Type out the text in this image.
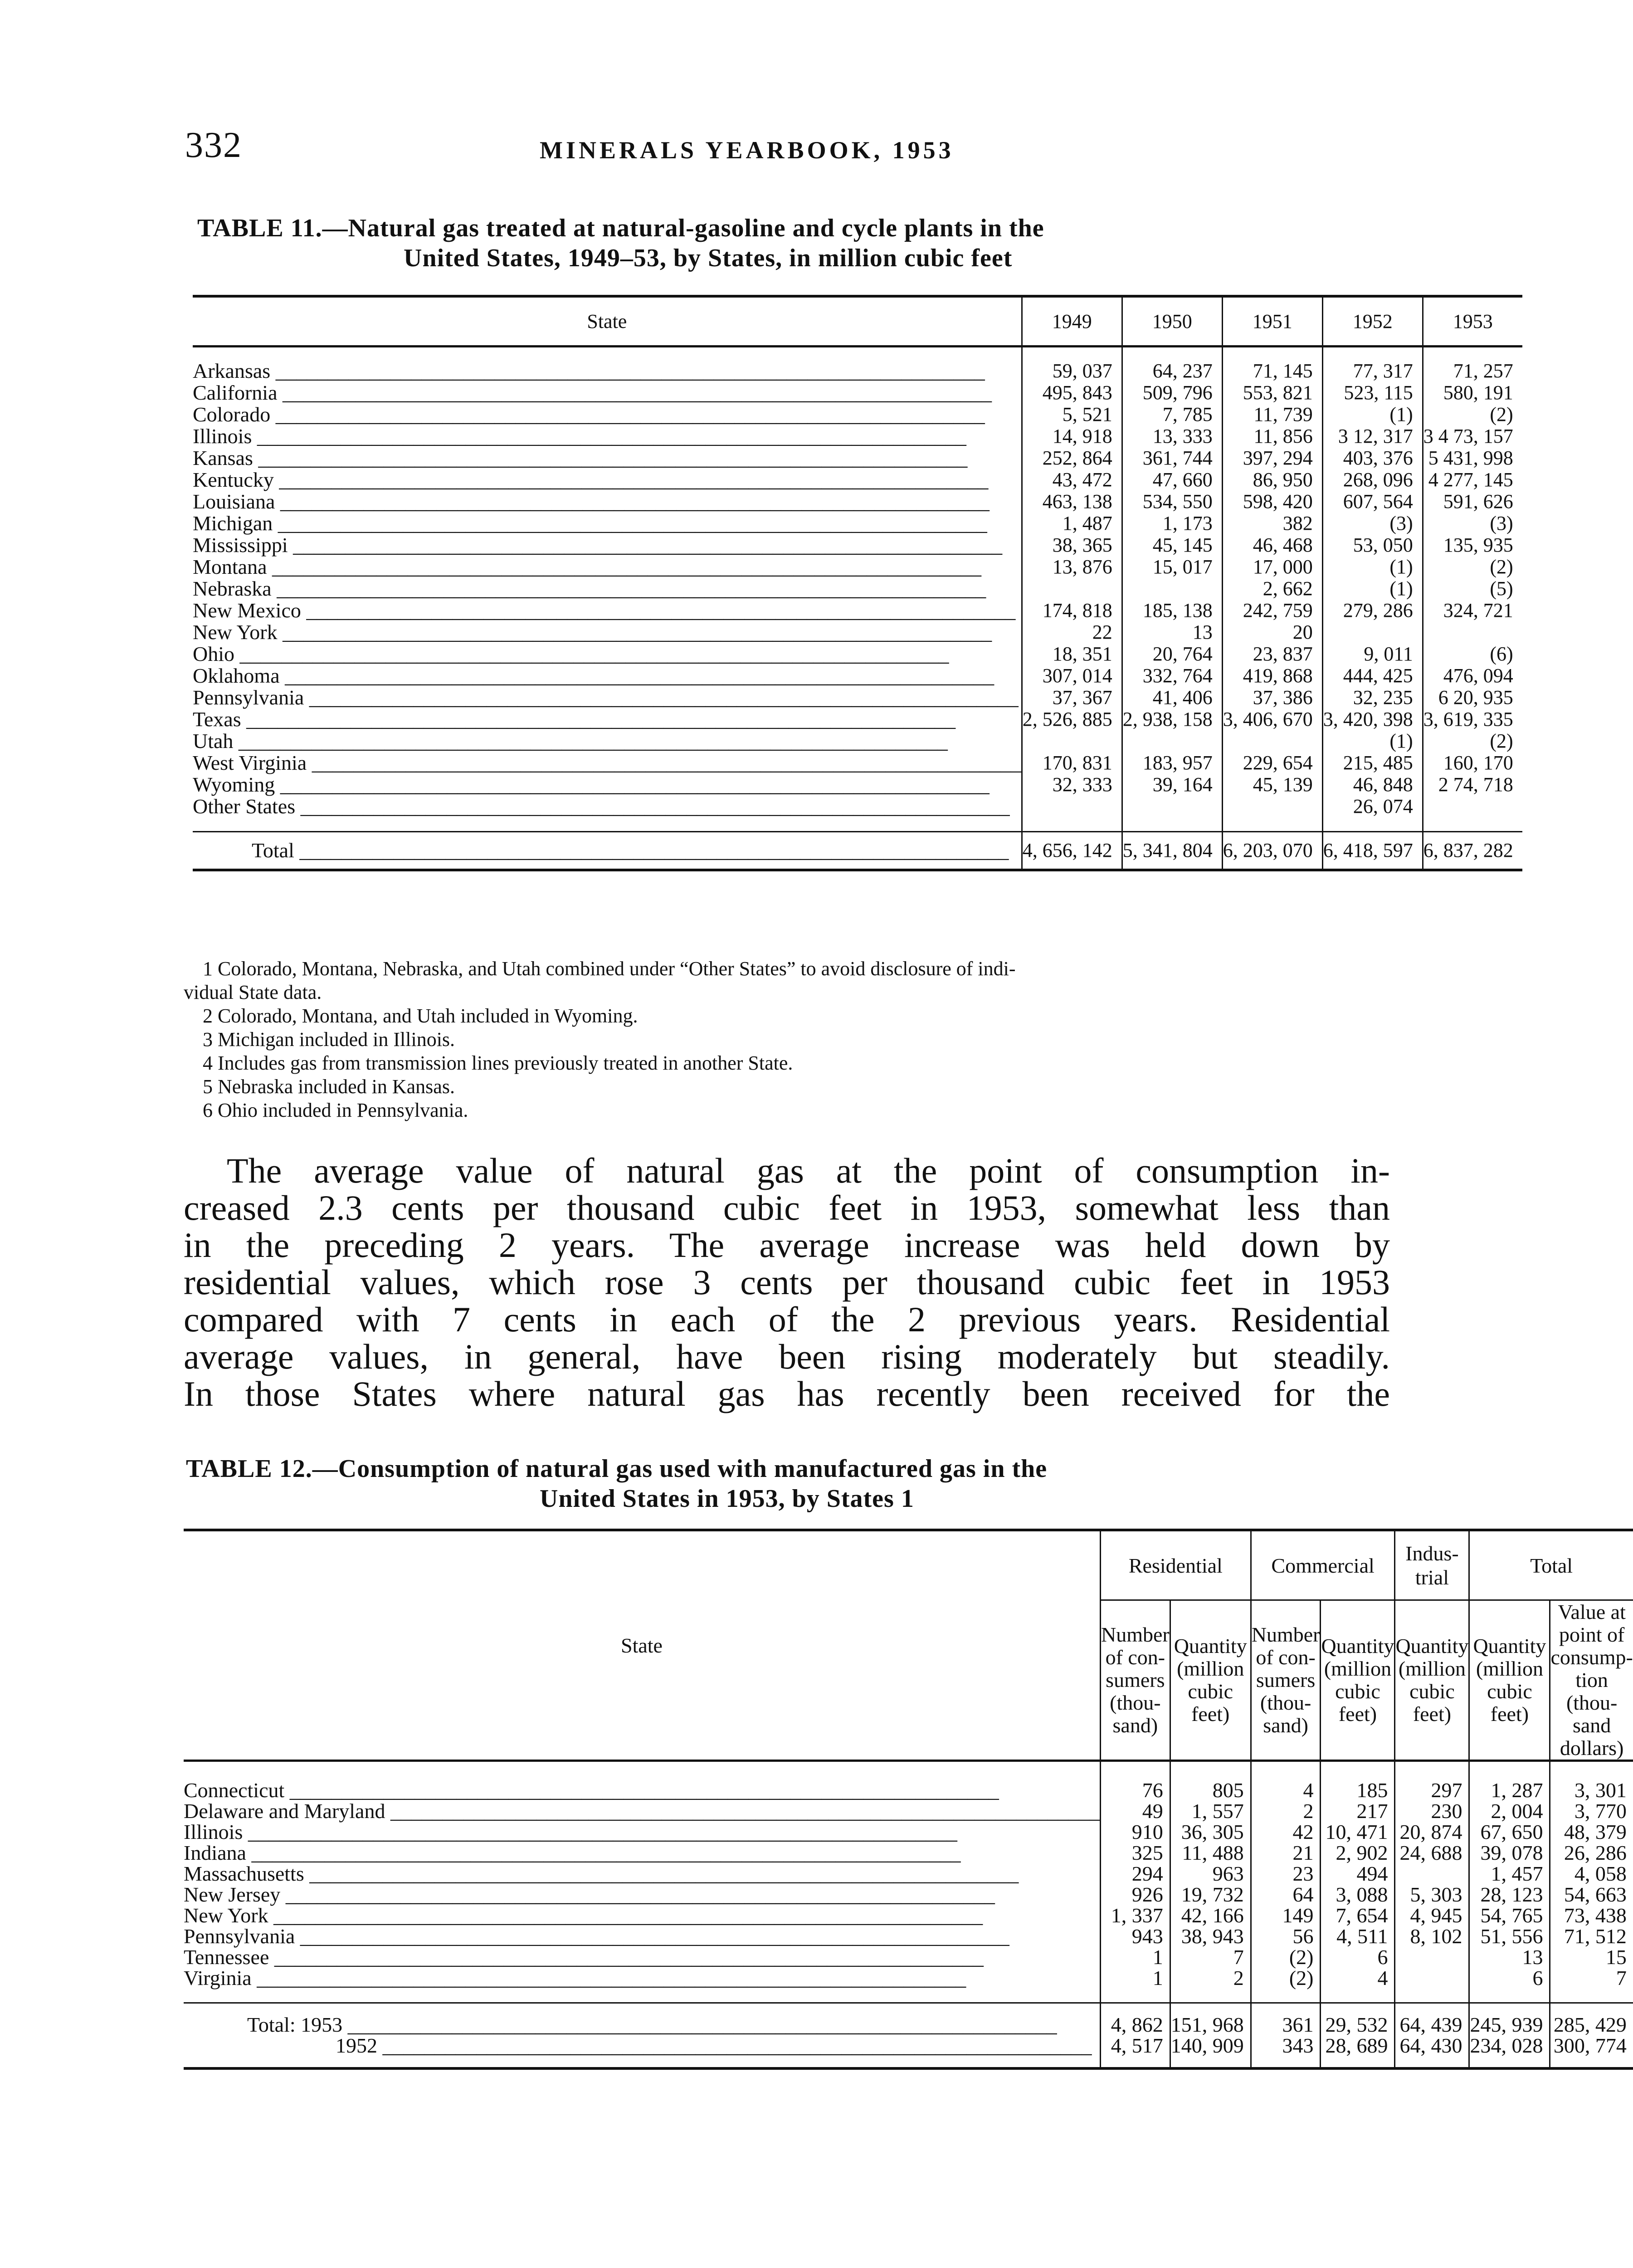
332	MINERALS YEARBOOK, 1953
TABLE 11.—Natural gas treated at natural-gasoline and cycle plants in the
United States, 1949–53, by States, in million cubic feet
State	1949	1950	1951	1952	1953
Arkansas _____	59, 037	64, 237	71, 145	77, 317	71, 257
California _____	495, 843	509, 796	553, 821	523, 115	580, 191
Colorado _____	5, 521	7, 785	11, 739	(1)	(2)
Illinois _____	14, 918	13, 333	11, 856	3 12, 317	3 4 73, 157
Kansas _____	252, 864	361, 744	397, 294	403, 376	5 431, 998
Kentucky _____	43, 472	47, 660	86, 950	268, 096	4 277, 145
Louisiana _____	463, 138	534, 550	598, 420	607, 564	591, 626
Michigan _____	1, 487	1, 173	382	(3)	(3)
Mississippi _____	38, 365	45, 145	46, 468	53, 050	135, 935
Montana _____	13, 876	15, 017	17, 000	(1)	(2)
Nebraska _____			2, 662	(1)	(5)
New Mexico _____	174, 818	185, 138	242, 759	279, 286	324, 721
New York _____	22	13	20		
Ohio _____	18, 351	20, 764	23, 837	9, 011	(6)
Oklahoma _____	307, 014	332, 764	419, 868	444, 425	476, 094
Pennsylvania _____	37, 367	41, 406	37, 386	32, 235	6 20, 935
Texas _____	2, 526, 885	2, 938, 158	3, 406, 670	3, 420, 398	3, 619, 335
Utah _____				(1)	(2)
West Virginia _____	170, 831	183, 957	229, 654	215, 485	160, 170
Wyoming _____	32, 333	39, 164	45, 139	46, 848	2 74, 718
Other States _____				26, 074	
Total _____	4, 656, 142	5, 341, 804	6, 203, 070	6, 418, 597	6, 837, 282

1 Colorado, Montana, Nebraska, and Utah combined under “Other States” to avoid disclosure of indi-

vidual State data.

2 Colorado, Montana, and Utah included in Wyoming.

3 Michigan included in Illinois.

4 Includes gas from transmission lines previously treated in another State.

5 Nebraska included in Kansas.

6 Ohio included in Pennsylvania.

The average value of natural gas at the point of consumption in-
creased 2.3 cents per thousand cubic feet in 1953, somewhat less than
in the preceding 2 years. The average increase was held down by
residential values, which rose 3 cents per thousand cubic feet in 1953
compared with 7 cents in each of the 2 previous years. Residential
average values, in general, have been rising moderately but steadily.
In those States where natural gas has recently been received for the
TABLE 12.—Consumption of natural gas used with manufactured gas in the
United States in 1953, by States 1
State	Residential		Commercial		Indus-trial	Total	
	Number of con-sumers (thou-sand)	Quantity (million cubic feet)	Number of con-sumers (thou-sand)	Quantity (million cubic feet)	Quantity (million cubic feet)	Quantity (million cubic feet)	Value at point of consump-tion (thou-sand dollars)
Connecticut _____	76	805	4	185	297	1, 287	3, 301
Delaware and Maryland _____	49	1, 557	2	217	230	2, 004	3, 770
Illinois _____	910	36, 305	42	10, 471	20, 874	67, 650	48, 379
Indiana _____	325	11, 488	21	2, 902	24, 688	39, 078	26, 286
Massachusetts _____	294	963	23	494		1, 457	4, 058
New Jersey _____	926	19, 732	64	3, 088	5, 303	28, 123	54, 663
New York _____	1, 337	42, 166	149	7, 654	4, 945	54, 765	73, 438
Pennsylvania _____	943	38, 943	56	4, 511	8, 102	51, 556	71, 512
Tennessee _____	1	7	(2)	6		13	15
Virginia _____	1	2	(2)	4		6	7
Total: 1953 _____	4, 862	151, 968	361	29, 532	64, 439	245, 939	285, 429
1952 _____	4, 517	140, 909	343	28, 689	64, 430	234, 028	300, 774
